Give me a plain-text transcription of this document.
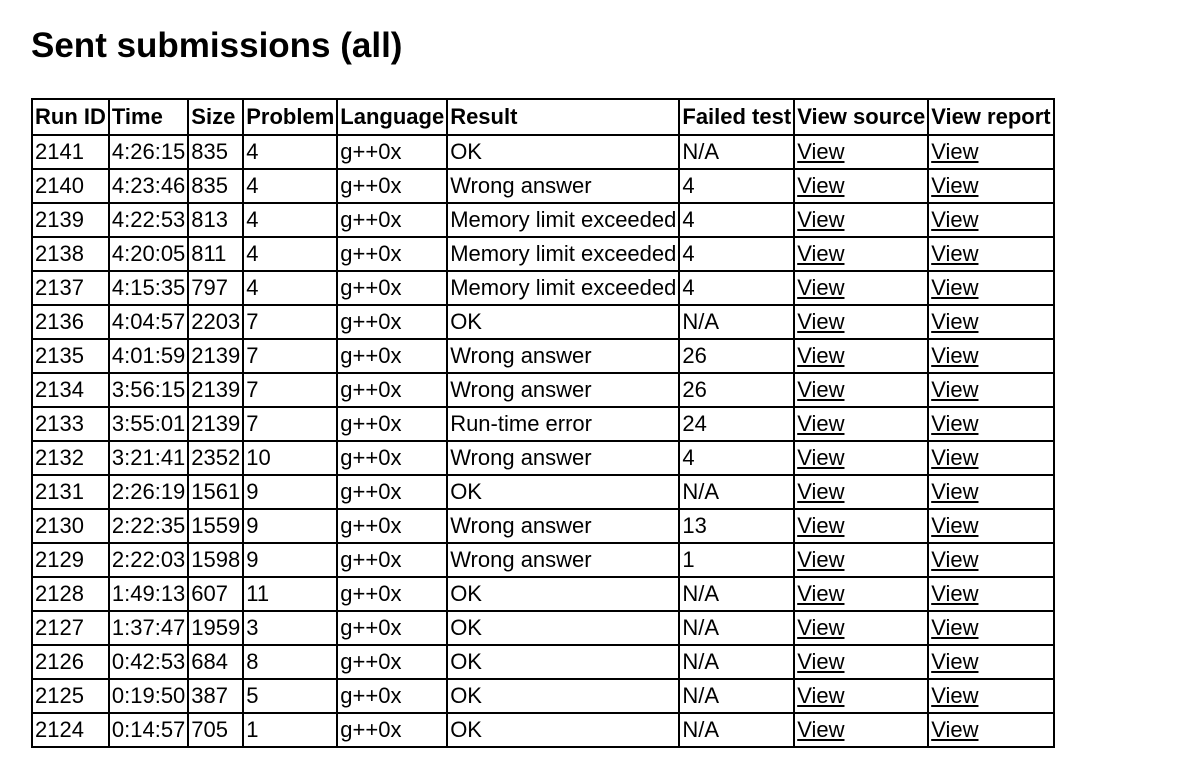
Sent submissions (all)
Run ID	Time	Size	Problem	Language	Result	Failed test	View source	View report
2141	4:26:15	835	4	g++0x	OK	N/A	View	View
2140	4:23:46	835	4	g++0x	Wrong answer	4	View	View
2139	4:22:53	813	4	g++0x	Memory limit exceeded	4	View	View
2138	4:20:05	811	4	g++0x	Memory limit exceeded	4	View	View
2137	4:15:35	797	4	g++0x	Memory limit exceeded	4	View	View
2136	4:04:57	2203	7	g++0x	OK	N/A	View	View
2135	4:01:59	2139	7	g++0x	Wrong answer	26	View	View
2134	3:56:15	2139	7	g++0x	Wrong answer	26	View	View
2133	3:55:01	2139	7	g++0x	Run-time error	24	View	View
2132	3:21:41	2352	10	g++0x	Wrong answer	4	View	View
2131	2:26:19	1561	9	g++0x	OK	N/A	View	View
2130	2:22:35	1559	9	g++0x	Wrong answer	13	View	View
2129	2:22:03	1598	9	g++0x	Wrong answer	1	View	View
2128	1:49:13	607	11	g++0x	OK	N/A	View	View
2127	1:37:47	1959	3	g++0x	OK	N/A	View	View
2126	0:42:53	684	8	g++0x	OK	N/A	View	View
2125	0:19:50	387	5	g++0x	OK	N/A	View	View
2124	0:14:57	705	1	g++0x	OK	N/A	View	View
